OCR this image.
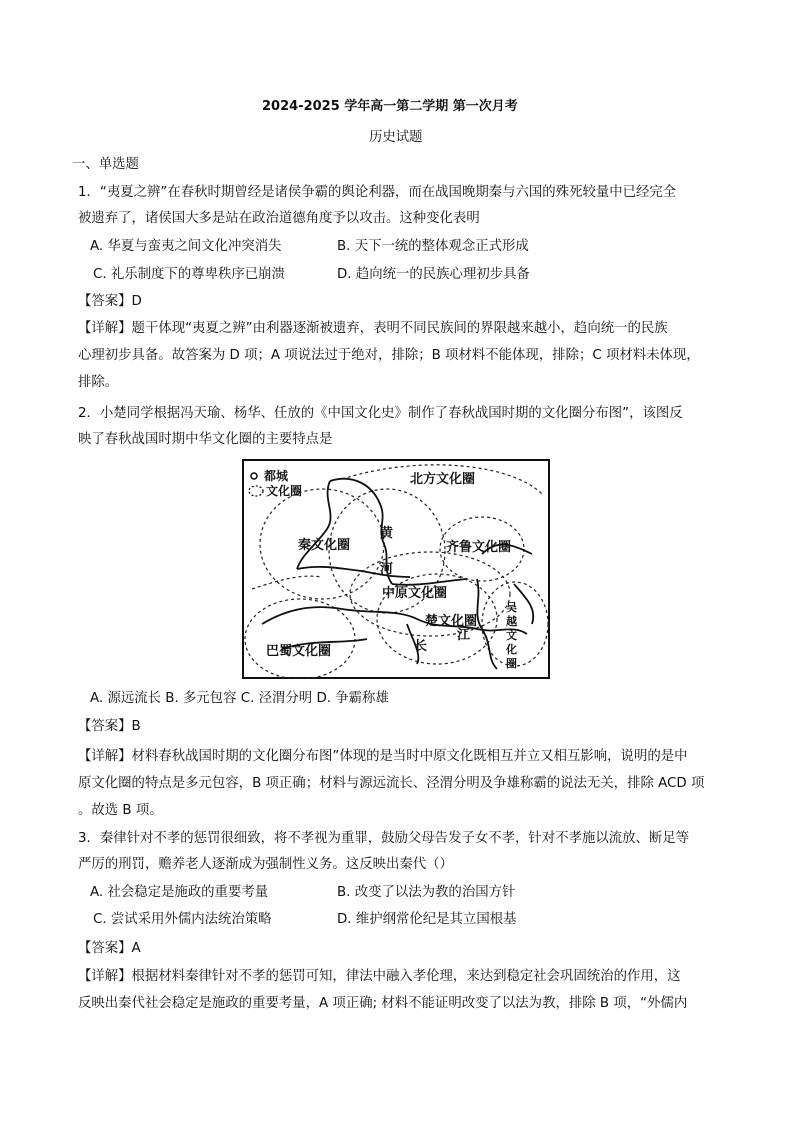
2024-2025 学年高一第二学期 第一次月考
历史试题
一、单选题
1．“夷夏之辨”在春秋时期曾经是诸侯争霸的舆论利器，而在战国晚期秦与六国的殊死较量中已经完全
被遗弃了，诸侯国大多是站在政治道德角度予以攻击。这种变化表明
A. 华夏与蛮夷之间文化冲突消失	B. 天下一统的整体观念正式形成
C. 礼乐制度下的尊卑秩序已崩溃	D. 趋向统一的民族心理初步具备
【答案】D
【详解】题干体现“夷夏之辨”由利器逐渐被遗弃，表明不同民族间的界限越来越小，趋向统一的民族
心理初步具备。故答案为 D 项；A 项说法过于绝对，排除；B 项材料不能体现，排除；C 项材料未体现，
排除。
2．小楚同学根据冯天瑜、杨华、任放的《中国文化史》制作了春秋战国时期的文化圈分布图”，该图反
映了春秋战国时期中华文化圈的主要特点是
都城
文化圈
北方文化圈
秦文化圈	齐鲁文化圈
中原文化圈
楚文化圈
巴蜀文化圈
黄
河
长
江
吴
越
文
化
圈
A. 源远流长 B. 多元包容 C. 泾渭分明 D. 争霸称雄
【答案】B
【详解】材料春秋战国时期的文化圈分布图”体现的是当时中原文化既相互并立又相互影响，说明的是中
原文化圈的特点是多元包容，B 项正确；材料与源远流长、泾渭分明及争雄称霸的说法无关，排除 ACD 项
。故选 B 项。
3．秦律针对不孝的惩罚很细致，将不孝视为重罪，鼓励父母告发子女不孝，针对不孝施以流放、断足等
严厉的刑罚，赡养老人逐渐成为强制性义务。这反映出秦代（）
A. 社会稳定是施政的重要考量	B. 改变了以法为教的治国方针
C. 尝试采用外儒内法统治策略	D. 维护纲常伦纪是其立国根基
【答案】A
【详解】根据材料秦律针对不孝的惩罚可知，律法中融入孝伦理，来达到稳定社会巩固统治的作用，这
反映出秦代社会稳定是施政的重要考量，A 项正确; 材料不能证明改变了以法为教，排除 B 项，“外儒内
